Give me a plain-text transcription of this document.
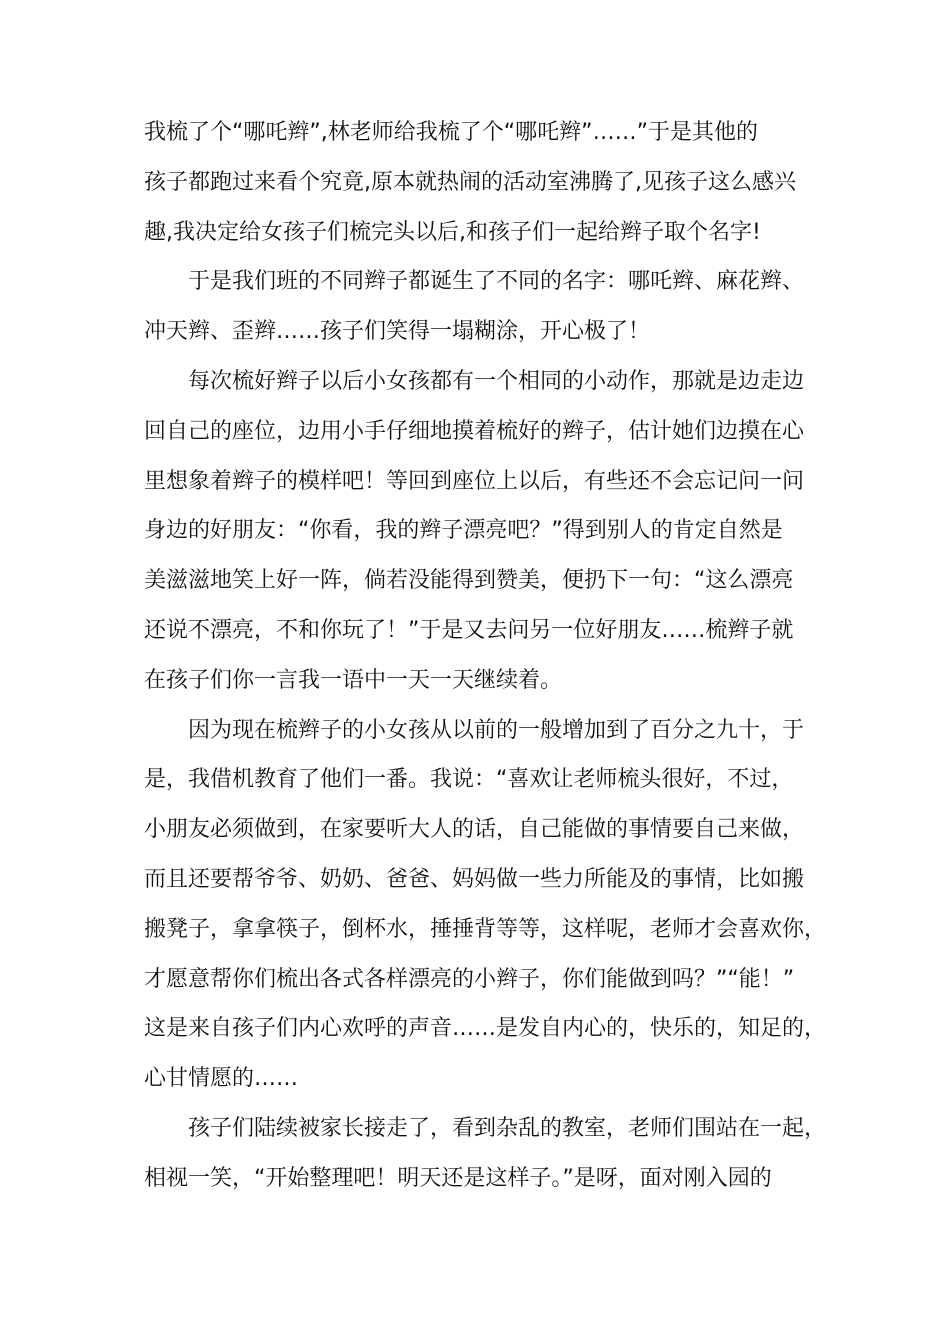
我梳了个“哪吒辫”,林老师给我梳了个“哪吒辫”……”于是其他的
孩子都跑过来看个究竟,原本就热闹的活动室沸腾了,见孩子这么感兴
趣,我决定给女孩子们梳完头以后,和孩子们一起给辫子取个名字!
于是我们班的不同辫子都诞生了不同的名字：哪吒辫、麻花辫、
冲天辫、歪辫……孩子们笑得一塌糊涂，开心极了！
每次梳好辫子以后小女孩都有一个相同的小动作，那就是边走边
回自己的座位，边用小手仔细地摸着梳好的辫子，估计她们边摸在心
里想象着辫子的模样吧！等回到座位上以后，有些还不会忘记问一问
身边的好朋友：“你看，我的辫子漂亮吧？”得到别人的肯定自然是
美滋滋地笑上好一阵，倘若没能得到赞美，便扔下一句：“这么漂亮
还说不漂亮，不和你玩了！”于是又去问另一位好朋友……梳辫子就
在孩子们你一言我一语中一天一天继续着。
因为现在梳辫子的小女孩从以前的一般增加到了百分之九十，于
是，我借机教育了他们一番。我说：“喜欢让老师梳头很好，不过，
小朋友必须做到，在家要听大人的话，自己能做的事情要自己来做，
而且还要帮爷爷、奶奶、爸爸、妈妈做一些力所能及的事情，比如搬
搬凳子，拿拿筷子，倒杯水，捶捶背等等，这样呢，老师才会喜欢你，
才愿意帮你们梳出各式各样漂亮的小辫子，你们能做到吗？”“能！”
这是来自孩子们内心欢呼的声音……是发自内心的，快乐的，知足的，
心甘情愿的……
孩子们陆续被家长接走了，看到杂乱的教室，老师们围站在一起，
相视一笑，“开始整理吧！明天还是这样子。”是呀，面对刚入园的
